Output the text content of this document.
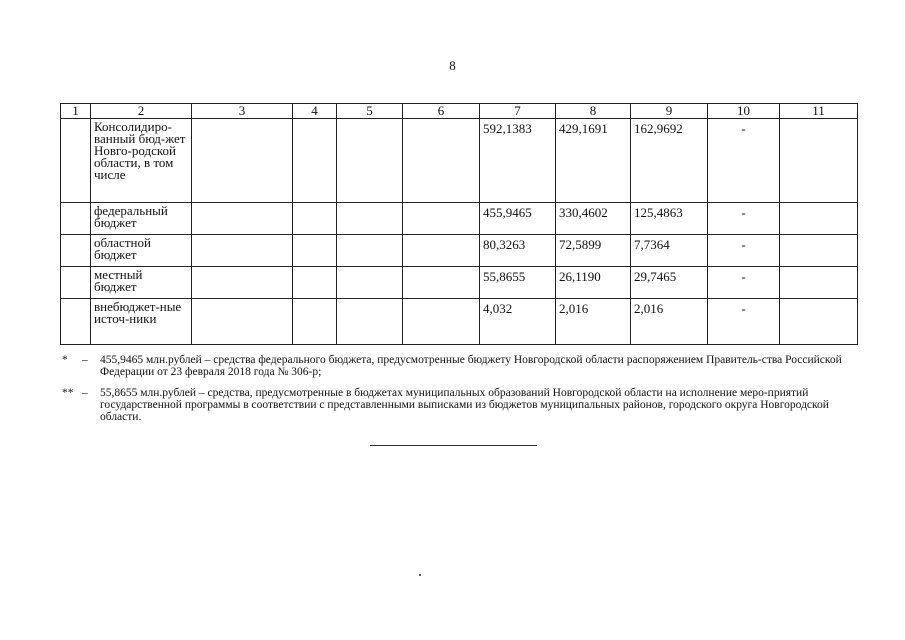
8
1	2	3	4	5	6	7	8	9	10	11
	Консолидиро-ванный бюд-жет Новго-родской области, в том числе					592,1383	429,1691	162,9692	-	
	федеральный бюджет					455,9465	330,4602	125,4863	-	
	областной бюджет					80,3263	72,5899	7,7364	-	
	местный бюджет					55,8655	26,1190	29,7465	-	
	внебюджет-ные источ-ники					4,032	2,016	2,016	-	
*	–	455,9465 млн.рублей – средства федерального бюджета, предусмотренные бюджету Новгородской области распоряжением Правитель-ства Российской Федерации от 23 февраля 2018 года № 306-р;
** –	55,8655 млн.рублей – средства, предусмотренные в бюджетах муниципальных образований Новгородской области на исполнение меро-приятий государственной программы в соответствии с представленными выписками из бюджетов муниципальных районов, городского округа Новгородской области.
